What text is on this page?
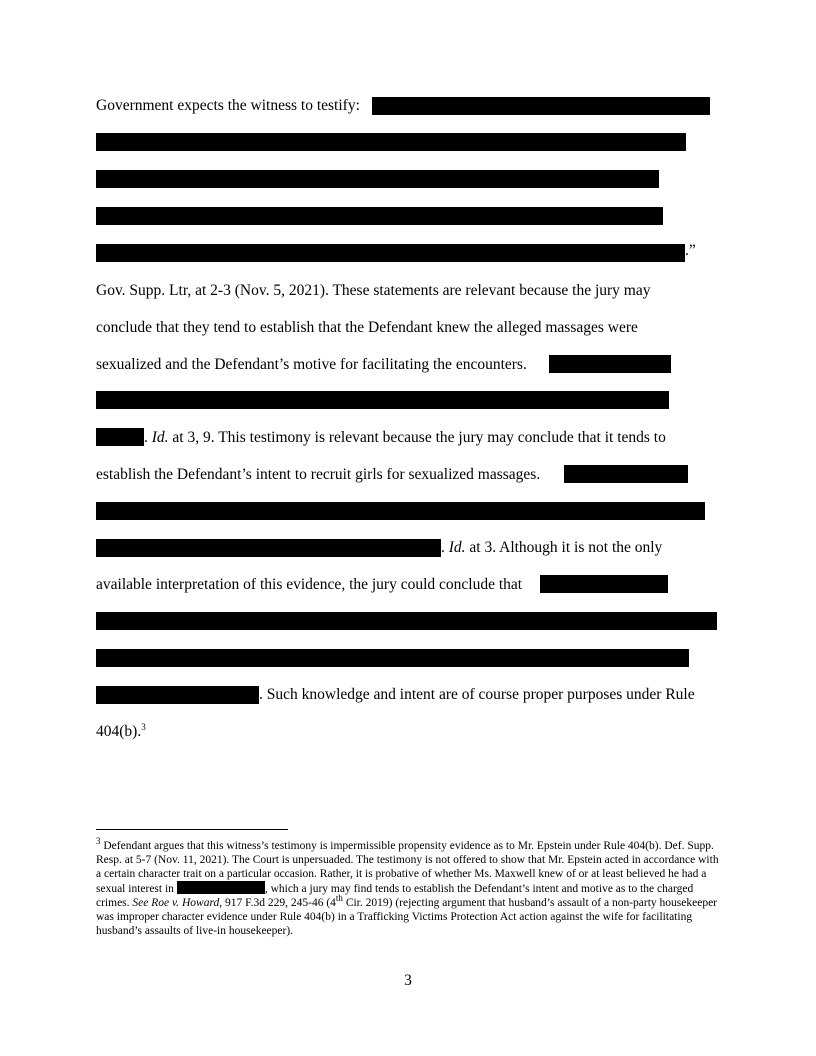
Government expects the witness to testify:
.”
Gov. Supp. Ltr, at 2-3 (Nov. 5, 2021). These statements are relevant because the jury may
conclude that they tend to establish that the Defendant knew the alleged massages were
sexualized and the Defendant’s motive for facilitating the encounters.
. Id. at 3, 9. This testimony is relevant because the jury may conclude that it tends to
establish the Defendant’s intent to recruit girls for sexualized massages.
. Id. at 3. Although it is not the only
available interpretation of this evidence, the jury could conclude that
. Such knowledge and intent are of course proper purposes under Rule
404(b).$^3$
$^3$ Defendant argues that this witness’s testimony is impermissible propensity evidence as to Mr. Epstein under Rule 404(b). Def. Supp. Resp. at 5-7 (Nov. 11, 2021). The Court is unpersuaded. The testimony is not offered to show that Mr. Epstein acted in accordance with a certain character trait on a particular occasion. Rather, it is probative of whether Ms. Maxwell knew of or at least believed he had a sexual interest in	, which a jury may find tends to establish the Defendant’s intent and motive as to the charged crimes. See Roe v. Howard, 917 F.3d 229, 245-46 (4th Cir. 2019) (rejecting argument that husband’s assault of a non-party housekeeper was improper character evidence under Rule 404(b) in a Trafficking Victims Protection Act action against the wife for facilitating husband’s assaults of live-in housekeeper).
3
